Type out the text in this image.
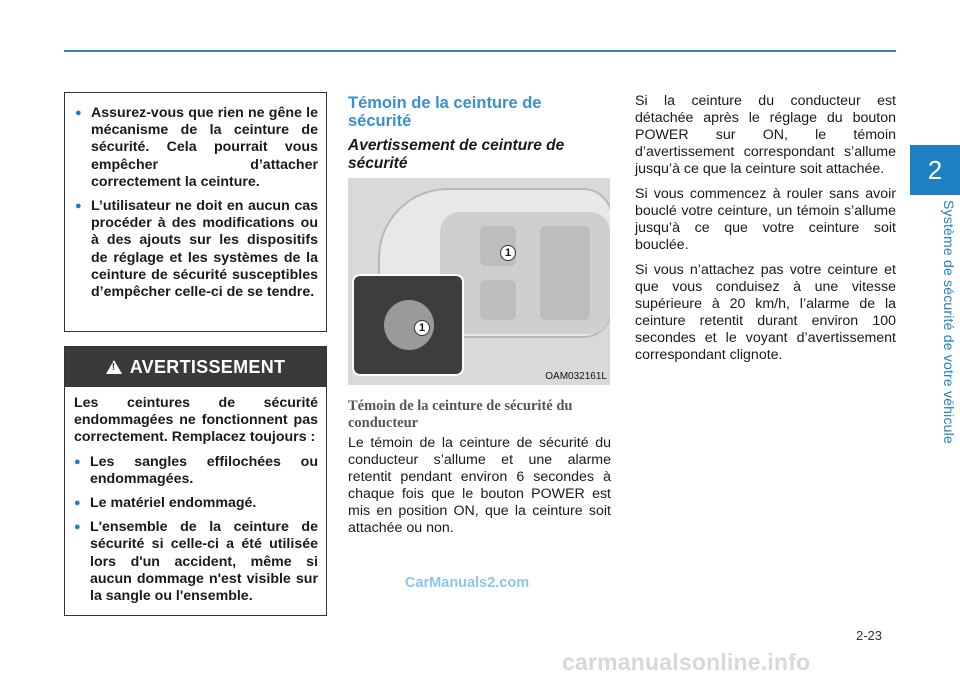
2
Système de sécurité de votre véhicule
● Assurez-vous que rien ne gêne le mécanisme de la ceinture de sécurité. Cela pourrait vous empêcher d’attacher correctement la ceinture.
● L’utilisateur ne doit en aucun cas procéder à des modifications ou à des ajouts sur les dispositifs de réglage et les systèmes de la ceinture de sécurité susceptibles d’empêcher celle-ci de se tendre.
!
AVERTISSEMENT

Les ceintures de sécurité endommagées ne fonctionnent pas correctement. Remplacez toujours :

● Les sangles effilochées ou endommagées.
● Le matériel endommagé.
● L'ensemble de la ceinture de sécurité si celle-ci a été utilisée lors d'un accident, même si aucun dommage n'est visible sur la sangle ou l'ensemble.
Témoin de la ceinture de sécurité
Avertissement de ceinture de sécurité
1
1
OAM032161L
Témoin de la ceinture de sécurité du conducteur

Le témoin de la ceinture de sécurité du conducteur s’allume et une alarme retentit pendant environ 6 secondes à chaque fois que le bouton POWER est mis en position ON, que la ceinture soit attachée ou non.

Si la ceinture du conducteur est détachée après le réglage du bouton POWER sur ON, le témoin d’avertissement correspondant s’allume jusqu’à ce que la ceinture soit attachée.

Si vous commencez à rouler sans avoir bouclé votre ceinture, un témoin s’allume jusqu’à ce que votre ceinture soit bouclée.

Si vous n’attachez pas votre ceinture et que vous conduisez à une vitesse supérieure à 20 km/h, l’alarme de la ceinture retentit durant environ 100 secondes et le voyant d’avertissement correspondant clignote.

CarManuals2.com
2-23
carmanualsonline.info
